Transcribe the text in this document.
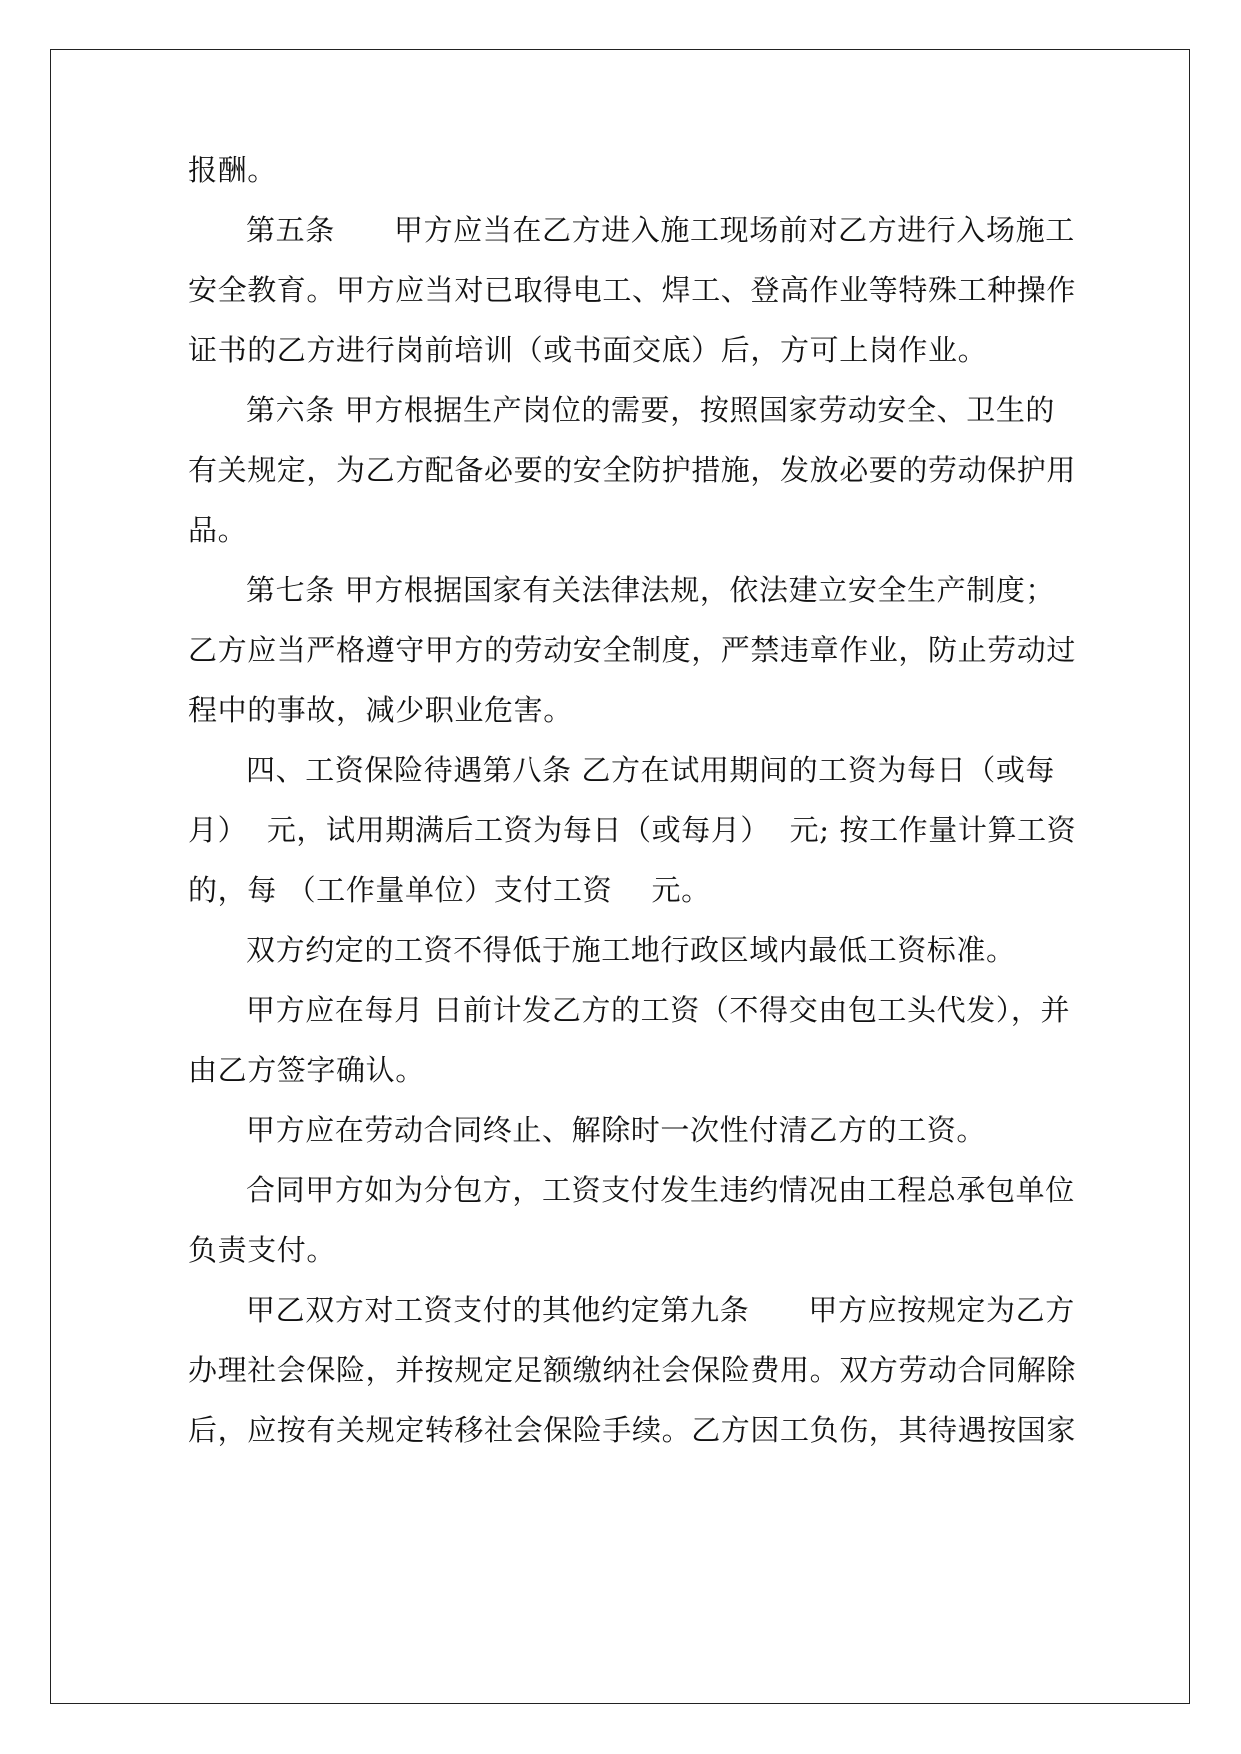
报酬。
第五条　　甲方应当在乙方进入施工现场前对乙方进行入场施工
安全教育。甲方应当对已取得电工、焊工、登高作业等特殊工种操作
证书的乙方进行岗前培训（或书面交底）后，方可上岗作业。
第六条 甲方根据生产岗位的需要，按照国家劳动安全、卫生的
有关规定，为乙方配备必要的安全防护措施，发放必要的劳动保护用
品。
第七条 甲方根据国家有关法律法规，依法建立安全生产制度；
乙方应当严格遵守甲方的劳动安全制度，严禁违章作业，防止劳动过
程中的事故，减少职业危害。
四、工资保险待遇第八条 乙方在试用期间的工资为每日（或每
月）  元，试用期满后工资为每日（或每月）  元; 按工作量计算工资
的，每 （工作量单位）支付工资    元。
双方约定的工资不得低于施工地行政区域内最低工资标准。
甲方应在每月 日前计发乙方的工资（不得交由包工头代发），并
由乙方签字确认。
甲方应在劳动合同终止、解除时一次性付清乙方的工资。
合同甲方如为分包方，工资支付发生违约情况由工程总承包单位
负责支付。
甲乙双方对工资支付的其他约定第九条　　甲方应按规定为乙方
办理社会保险，并按规定足额缴纳社会保险费用。双方劳动合同解除
后，应按有关规定转移社会保险手续。乙方因工负伤，其待遇按国家
